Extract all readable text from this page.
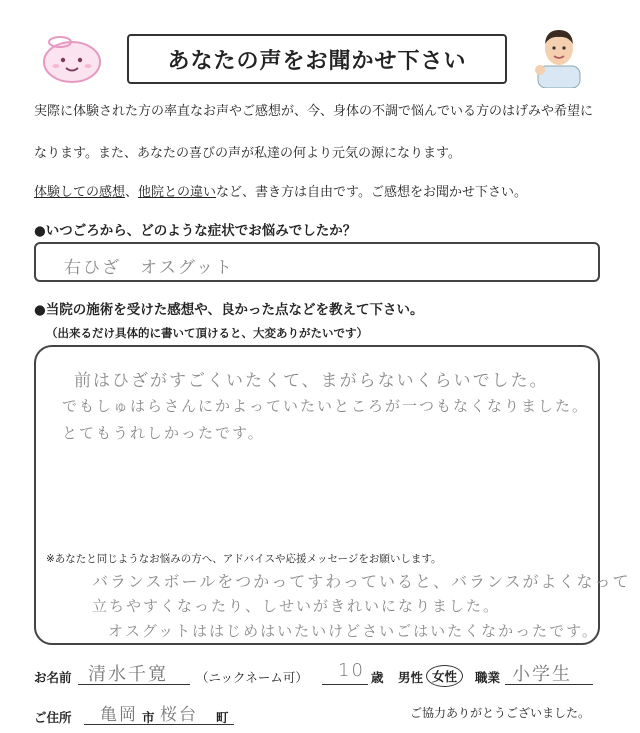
あなたの声をお聞かせ下さい
実際に体験された方の率直なお声やご感想が、今、身体の不調で悩んでいる方のはげみや希望に
なります。また、あなたの喜びの声が私達の何より元気の源になります。
体験しての感想、他院との違いなど、書き方は自由です。ご感想をお聞かせ下さい。
●いつごろから、どのような症状でお悩みでしたか？
右ひざ　オスグット
●当院の施術を受けた感想や、良かった点などを教えて下さい。
（出来るだけ具体的に書いて頂けると、大変ありがたいです）
前はひざがすごくいたくて、まがらないくらいでした。
でもしゅはらさんにかよっていたいところが一つもなくなりました。
とてもうれしかったです。
バランスボールをつかってすわっていると、バランスがよくなって
立ちやすくなったり、しせいがきれいになりました。
オスグットははじめはいたいけどさいごはいたくなかったです。
※あなたと同じようなお悩みの方へ、アドバイスや応援メッセージをお願いします。
お名前 清水千寛 （ニックネーム可） 10 歳 男性 女性	職業 小学生
ご住所 亀岡 市 桜台 町	ご協力ありがとうございました。
